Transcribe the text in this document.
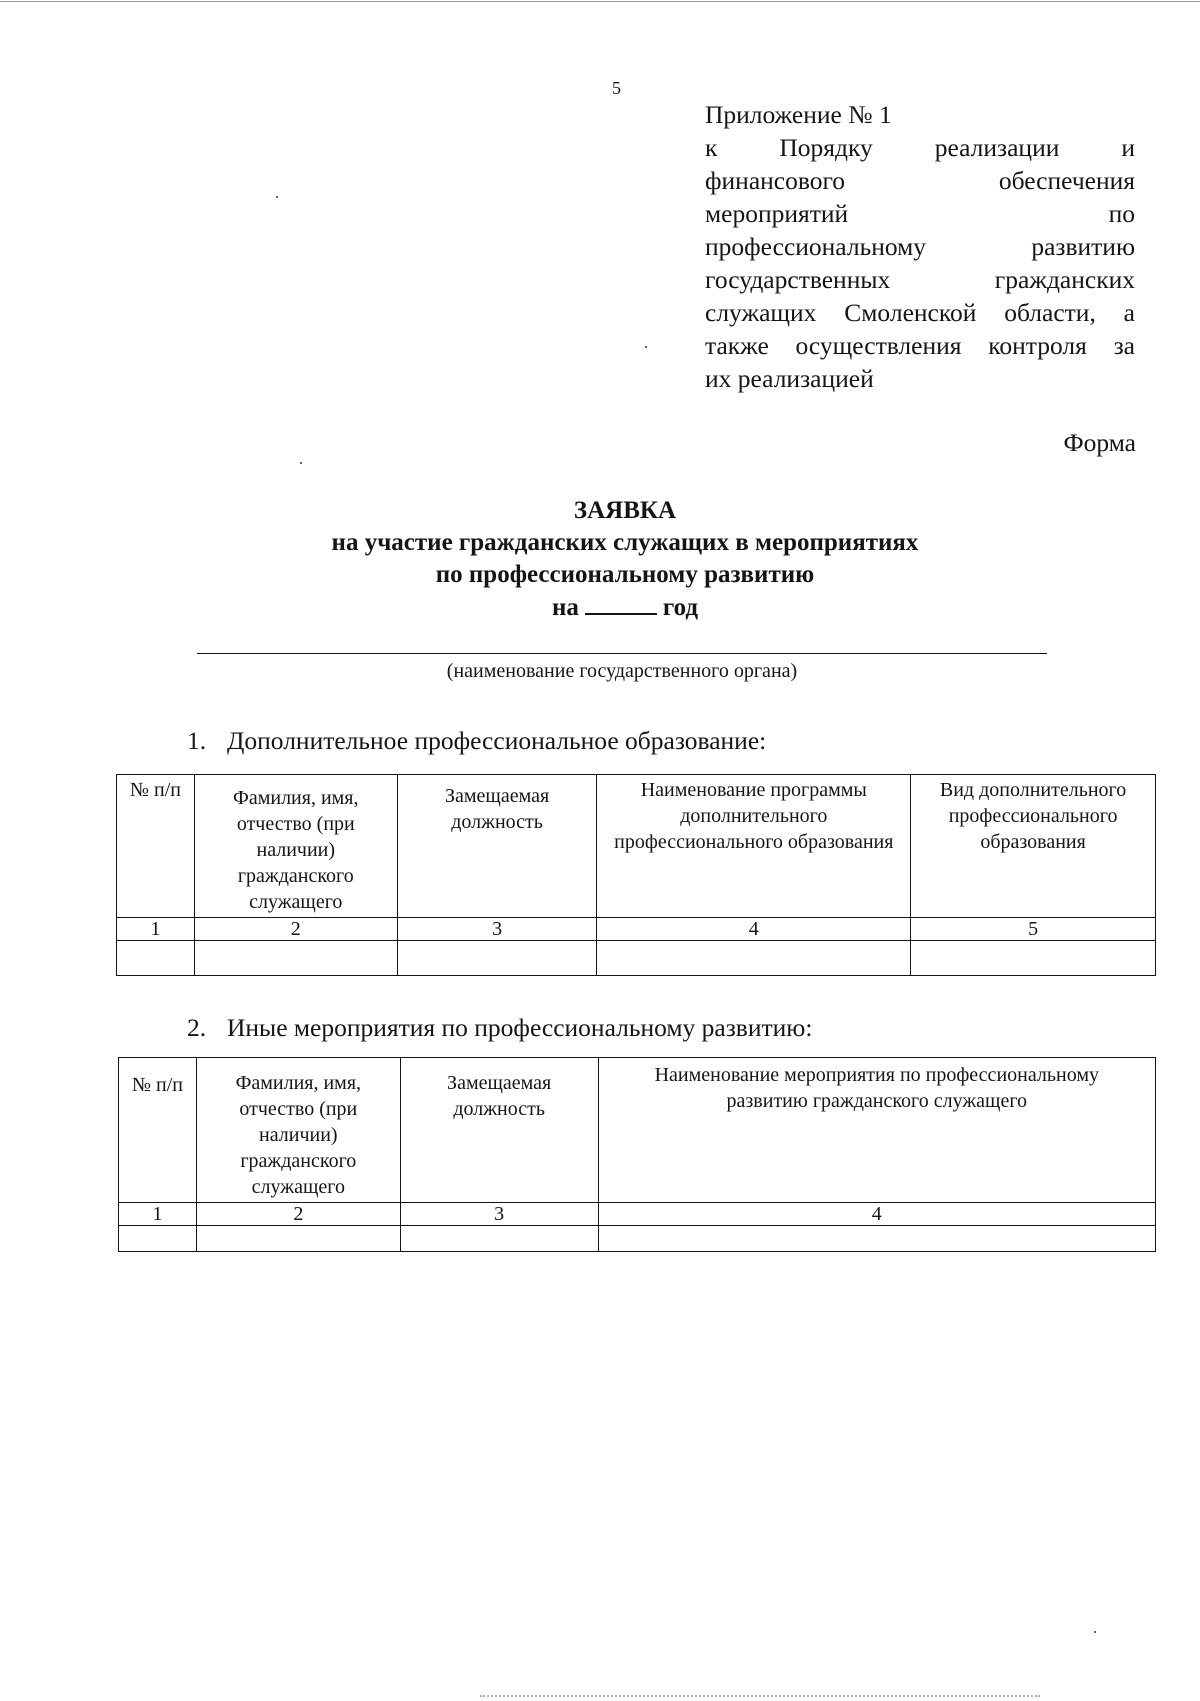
5
Приложение № 1
к Порядку реализации и
финансового обеспечения
мероприятий по
профессиональному развитию
государственных гражданских
служащих Смоленской области, а
также осуществления контроля за
их реализацией
Форма
ЗАЯВКА
на участие гражданских служащих в мероприятиях
по профессиональному развитию
на	год
(наименование государственного органа)
1. Дополнительное профессиональное образование:
№ п/п	Фамилия, имя, отчество (при наличии) гражданского служащего	Замещаемая должность	Наименование программы дополнительного профессионального образования	Вид дополнительного профессионального образования
1	2	3	4	5

2. Иные мероприятия по профессиональному развитию:
№ п/п	Фамилия, имя, отчество (при наличии) гражданского служащего	Замещаемая должность	Наименование мероприятия по профессиональному развитию гражданского служащего
1	2	3	4
